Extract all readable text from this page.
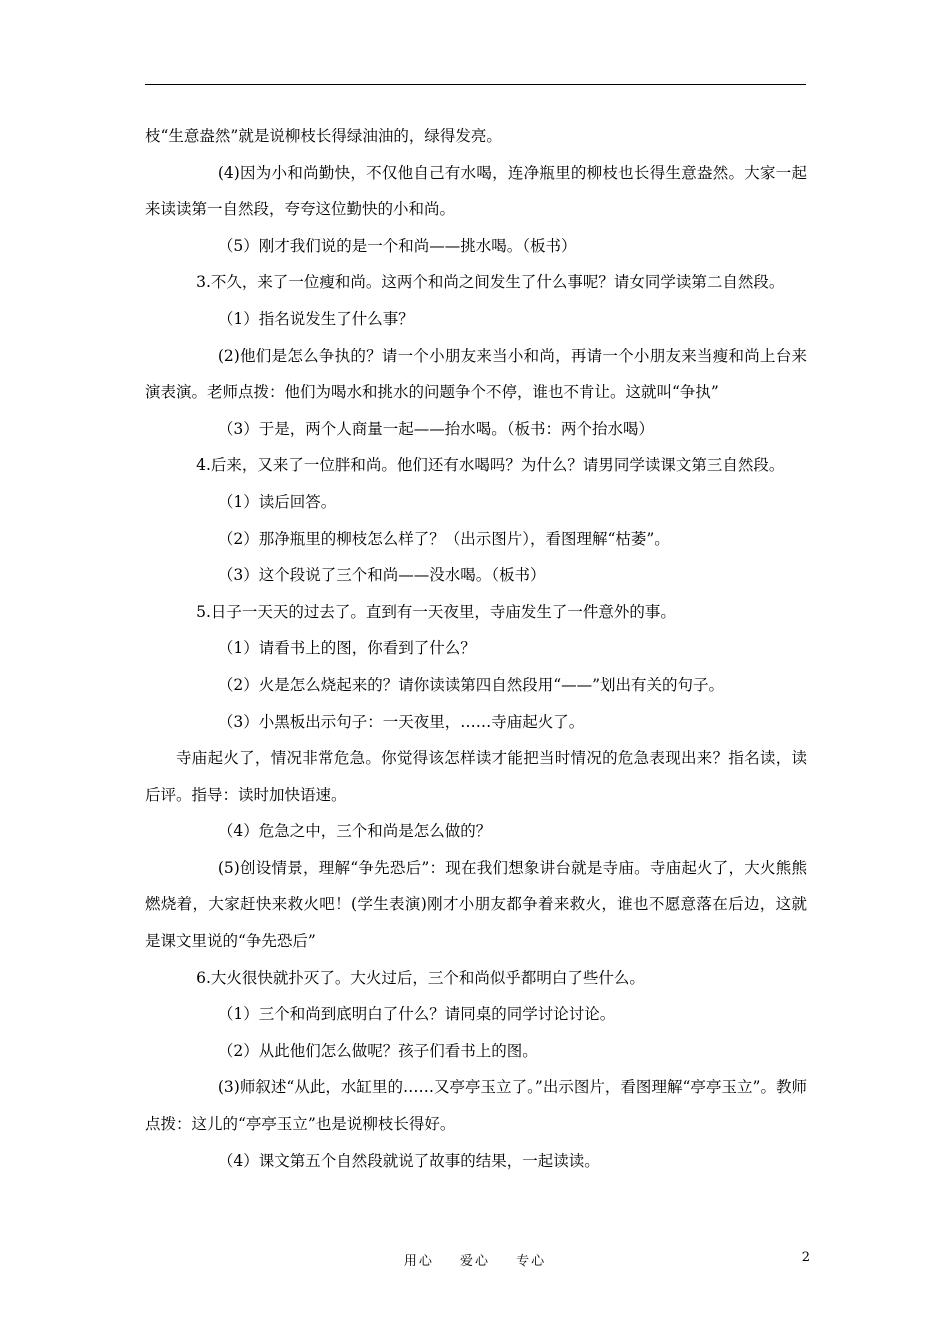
枝“生意盎然”就是说柳枝长得绿油油的，绿得发亮。

(4)因为小和尚勤快，不仅他自己有水喝，连净瓶里的柳枝也长得生意盎然。大家一起来读读第一自然段，夸夸这位勤快的小和尚。

（5）刚才我们说的是一个和尚——挑水喝。（板书）

3.不久，来了一位瘦和尚。这两个和尚之间发生了什么事呢？请女同学读第二自然段。

（1）指名说发生了什么事？

(2)他们是怎么争执的？请一个小朋友来当小和尚，再请一个小朋友来当瘦和尚上台来演表演。老师点拨：他们为喝水和挑水的问题争个不停，谁也不肯让。这就叫“争执”

（3）于是，两个人商量一起——抬水喝。（板书：两个抬水喝）

4.后来，又来了一位胖和尚。他们还有水喝吗？为什么？请男同学读课文第三自然段。

（1）读后回答。

（2）那净瓶里的柳枝怎么样了？（出示图片），看图理解“枯萎”。

（3）这个段说了三个和尚——没水喝。（板书）

5.日子一天天的过去了。直到有一天夜里，寺庙发生了一件意外的事。

（1）请看书上的图，你看到了什么？

（2）火是怎么烧起来的？请你读读第四自然段用“——”划出有关的句子。

（3）小黑板出示句子：一天夜里，……寺庙起火了。

寺庙起火了，情况非常危急。你觉得该怎样读才能把当时情况的危急表现出来？指名读，读后评。指导：读时加快语速。

（4）危急之中，三个和尚是怎么做的？

(5)创设情景，理解“争先恐后”：现在我们想象讲台就是寺庙。寺庙起火了，大火熊熊燃烧着，大家赶快来救火吧！(学生表演)刚才小朋友都争着来救火，谁也不愿意落在后边，这就是课文里说的“争先恐后”

6.大火很快就扑灭了。大火过后，三个和尚似乎都明白了些什么。

（1）三个和尚到底明白了什么？请同桌的同学讨论讨论。

（2）从此他们怎么做呢？孩子们看书上的图。

(3)师叙述“从此，水缸里的……又亭亭玉立了。”出示图片，看图理解“亭亭玉立”。教师点拨：这儿的“亭亭玉立”也是说柳枝长得好。

（4）课文第五个自然段就说了故事的结果，一起读读。

用心 爱心 专心	2
